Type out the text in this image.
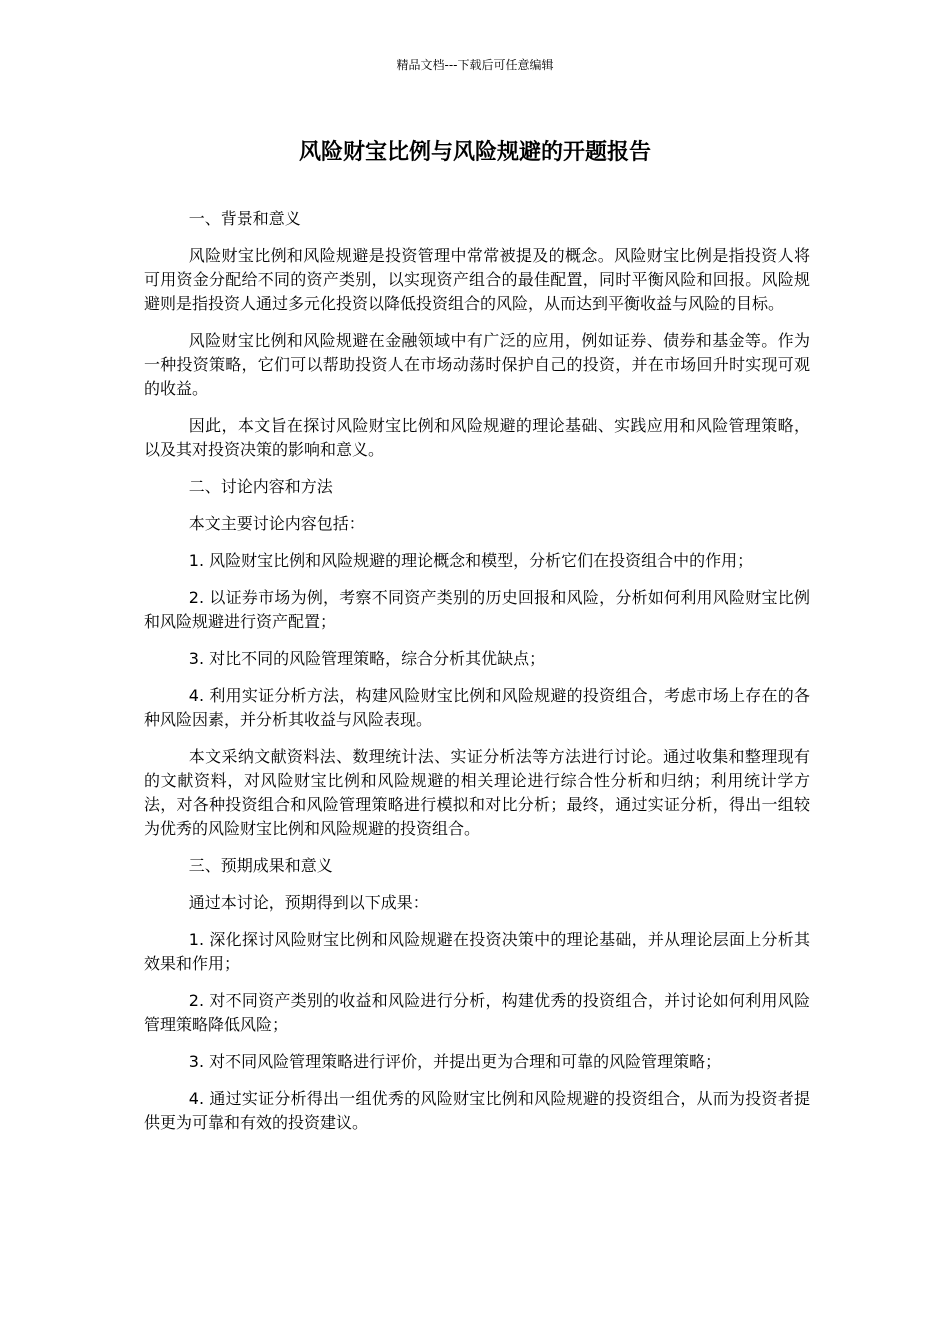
精品文档---下载后可任意编辑
风险财宝比例与风险规避的开题报告

一、背景和意义

风险财宝比例和风险规避是投资管理中常常被提及的概念。风险财宝比例是指投资人将可用资金分配给不同的资产类别，以实现资产组合的最佳配置，同时平衡风险和回报。风险规避则是指投资人通过多元化投资以降低投资组合的风险，从而达到平衡收益与风险的目标。

风险财宝比例和风险规避在金融领域中有广泛的应用，例如证券、债券和基金等。作为一种投资策略，它们可以帮助投资人在市场动荡时保护自己的投资，并在市场回升时实现可观的收益。

因此，本文旨在探讨风险财宝比例和风险规避的理论基础、实践应用和风险管理策略，以及其对投资决策的影响和意义。

二、讨论内容和方法

本文主要讨论内容包括：

1. 风险财宝比例和风险规避的理论概念和模型，分析它们在投资组合中的作用；

2. 以证券市场为例，考察不同资产类别的历史回报和风险，分析如何利用风险财宝比例和风险规避进行资产配置；

3. 对比不同的风险管理策略，综合分析其优缺点；

4. 利用实证分析方法，构建风险财宝比例和风险规避的投资组合，考虑市场上存在的各种风险因素，并分析其收益与风险表现。

本文采纳文献资料法、数理统计法、实证分析法等方法进行讨论。通过收集和整理现有的文献资料，对风险财宝比例和风险规避的相关理论进行综合性分析和归纳；利用统计学方法，对各种投资组合和风险管理策略进行模拟和对比分析；最终，通过实证分析，得出一组较为优秀的风险财宝比例和风险规避的投资组合。

三、预期成果和意义

通过本讨论，预期得到以下成果：

1. 深化探讨风险财宝比例和风险规避在投资决策中的理论基础，并从理论层面上分析其效果和作用；

2. 对不同资产类别的收益和风险进行分析，构建优秀的投资组合，并讨论如何利用风险管理策略降低风险；

3. 对不同风险管理策略进行评价，并提出更为合理和可靠的风险管理策略；

4. 通过实证分析得出一组优秀的风险财宝比例和风险规避的投资组合，从而为投资者提供更为可靠和有效的投资建议。
